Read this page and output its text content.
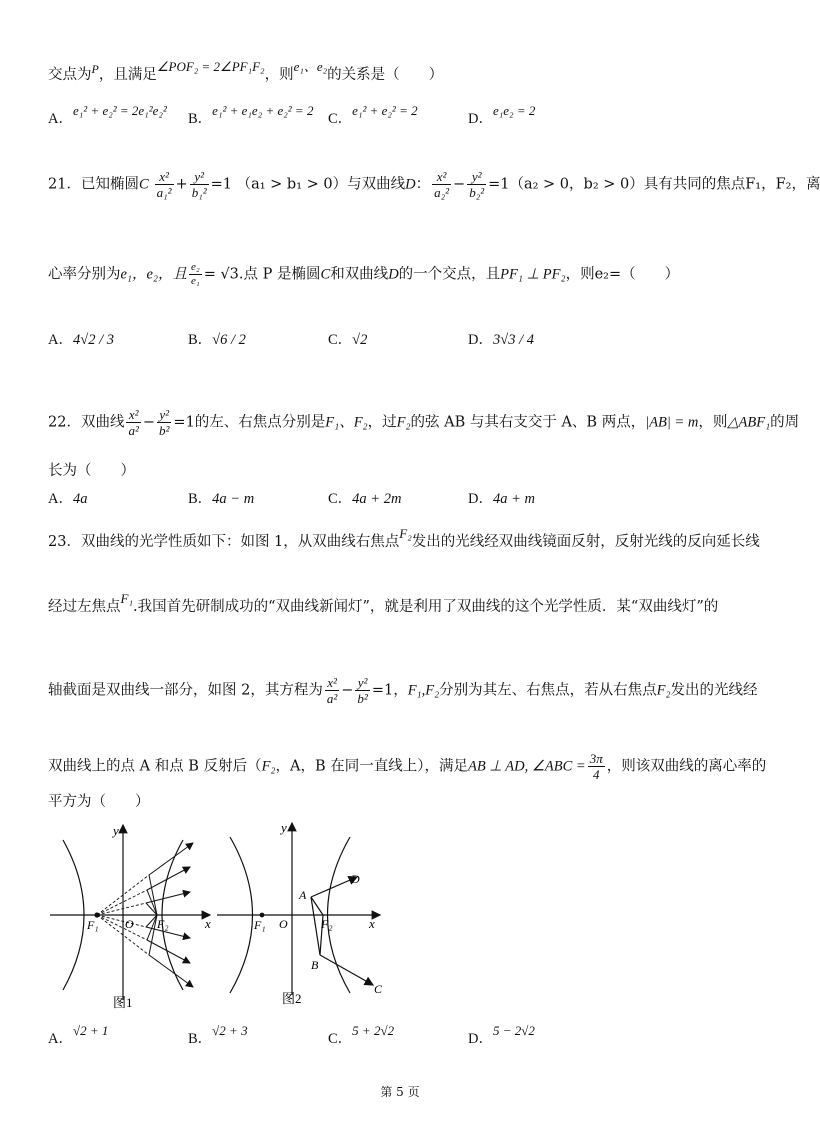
交点为$^P$，且满足∠POF₂ = 2∠PF₁F₂，则e₁、e₂的关系是（　　）
A．e₁² + e₂² = 2e₁²e₂²
B．e₁² + e₁e₂ + e₂² = 2
C．e₁² + e₂² = 2
D．e₁e₂ = 2
21．已知椭圆C $\frac{\text{x²}}{\text{a₁²}} + \frac{\text{y²}}{\text{b₁²}} =1$ （a₁ > b₁ > 0）与双曲线D： $\frac{\text{x²}}{\text{a₂²}} - \frac{\text{y²}}{\text{b₂²}} =1(a_2 > 0$，b₂ > 0）具有共同的焦点F₁，F₂，离
心率分别为e₁，e₂，且 $\frac{\text{e₂}}{\text{e₁}} = √3$.点 P 是椭圆C和双曲线D的一个交点，且PF₁ ⊥ PF₂，则e₂=（　　）
A．4√2 / 3	B．√6 / 2	C．√2	D．3√3 / 4
22．双曲线 $\frac{\text{x²}}{\text{a²}} - \frac{\text{y²}}{\text{b²}} =1$的左、右焦点分别是F₁、F₂，过F₂的弦 AB 与其右支交于 A、B 两点，|AB| = m，则△ABF₁的周
长为（　　）
A．4a	B．4a − m	C．4a + 2m	D．4a + m
23．双曲线的光学性质如下：如图 1，从双曲线右焦点F₂发出的光线经双曲线镜面反射，反射光线的反向延长线
经过左焦点F₁.我国首先研制成功的“双曲线新闻灯”，就是利用了双曲线的这个光学性质．某“双曲线灯”的
轴截面是双曲线一部分，如图 2，其方程为 $\frac{\text{x²}}{\text{a²}} - \frac{\text{y²}}{\text{b²}} =1$，F₁,F₂分别为其左、右焦点，若从右焦点F₂发出的光线经
双曲线上的点 A 和点 B 反射后（F₂，A，B 在同一直线上），满足AB ⊥ AD, ∠ABC = $\frac{3\pi}{4}$ ，则该双曲线的离心率的
平方为（　　）
y
x
O
F₁	F₂
图1
y
x
O
F₁	F₂
A
B
C
D
图2
A．√2 + 1
B．√2 + 3
C．5 + 2√2
D．5 − 2√2
第 5 页
